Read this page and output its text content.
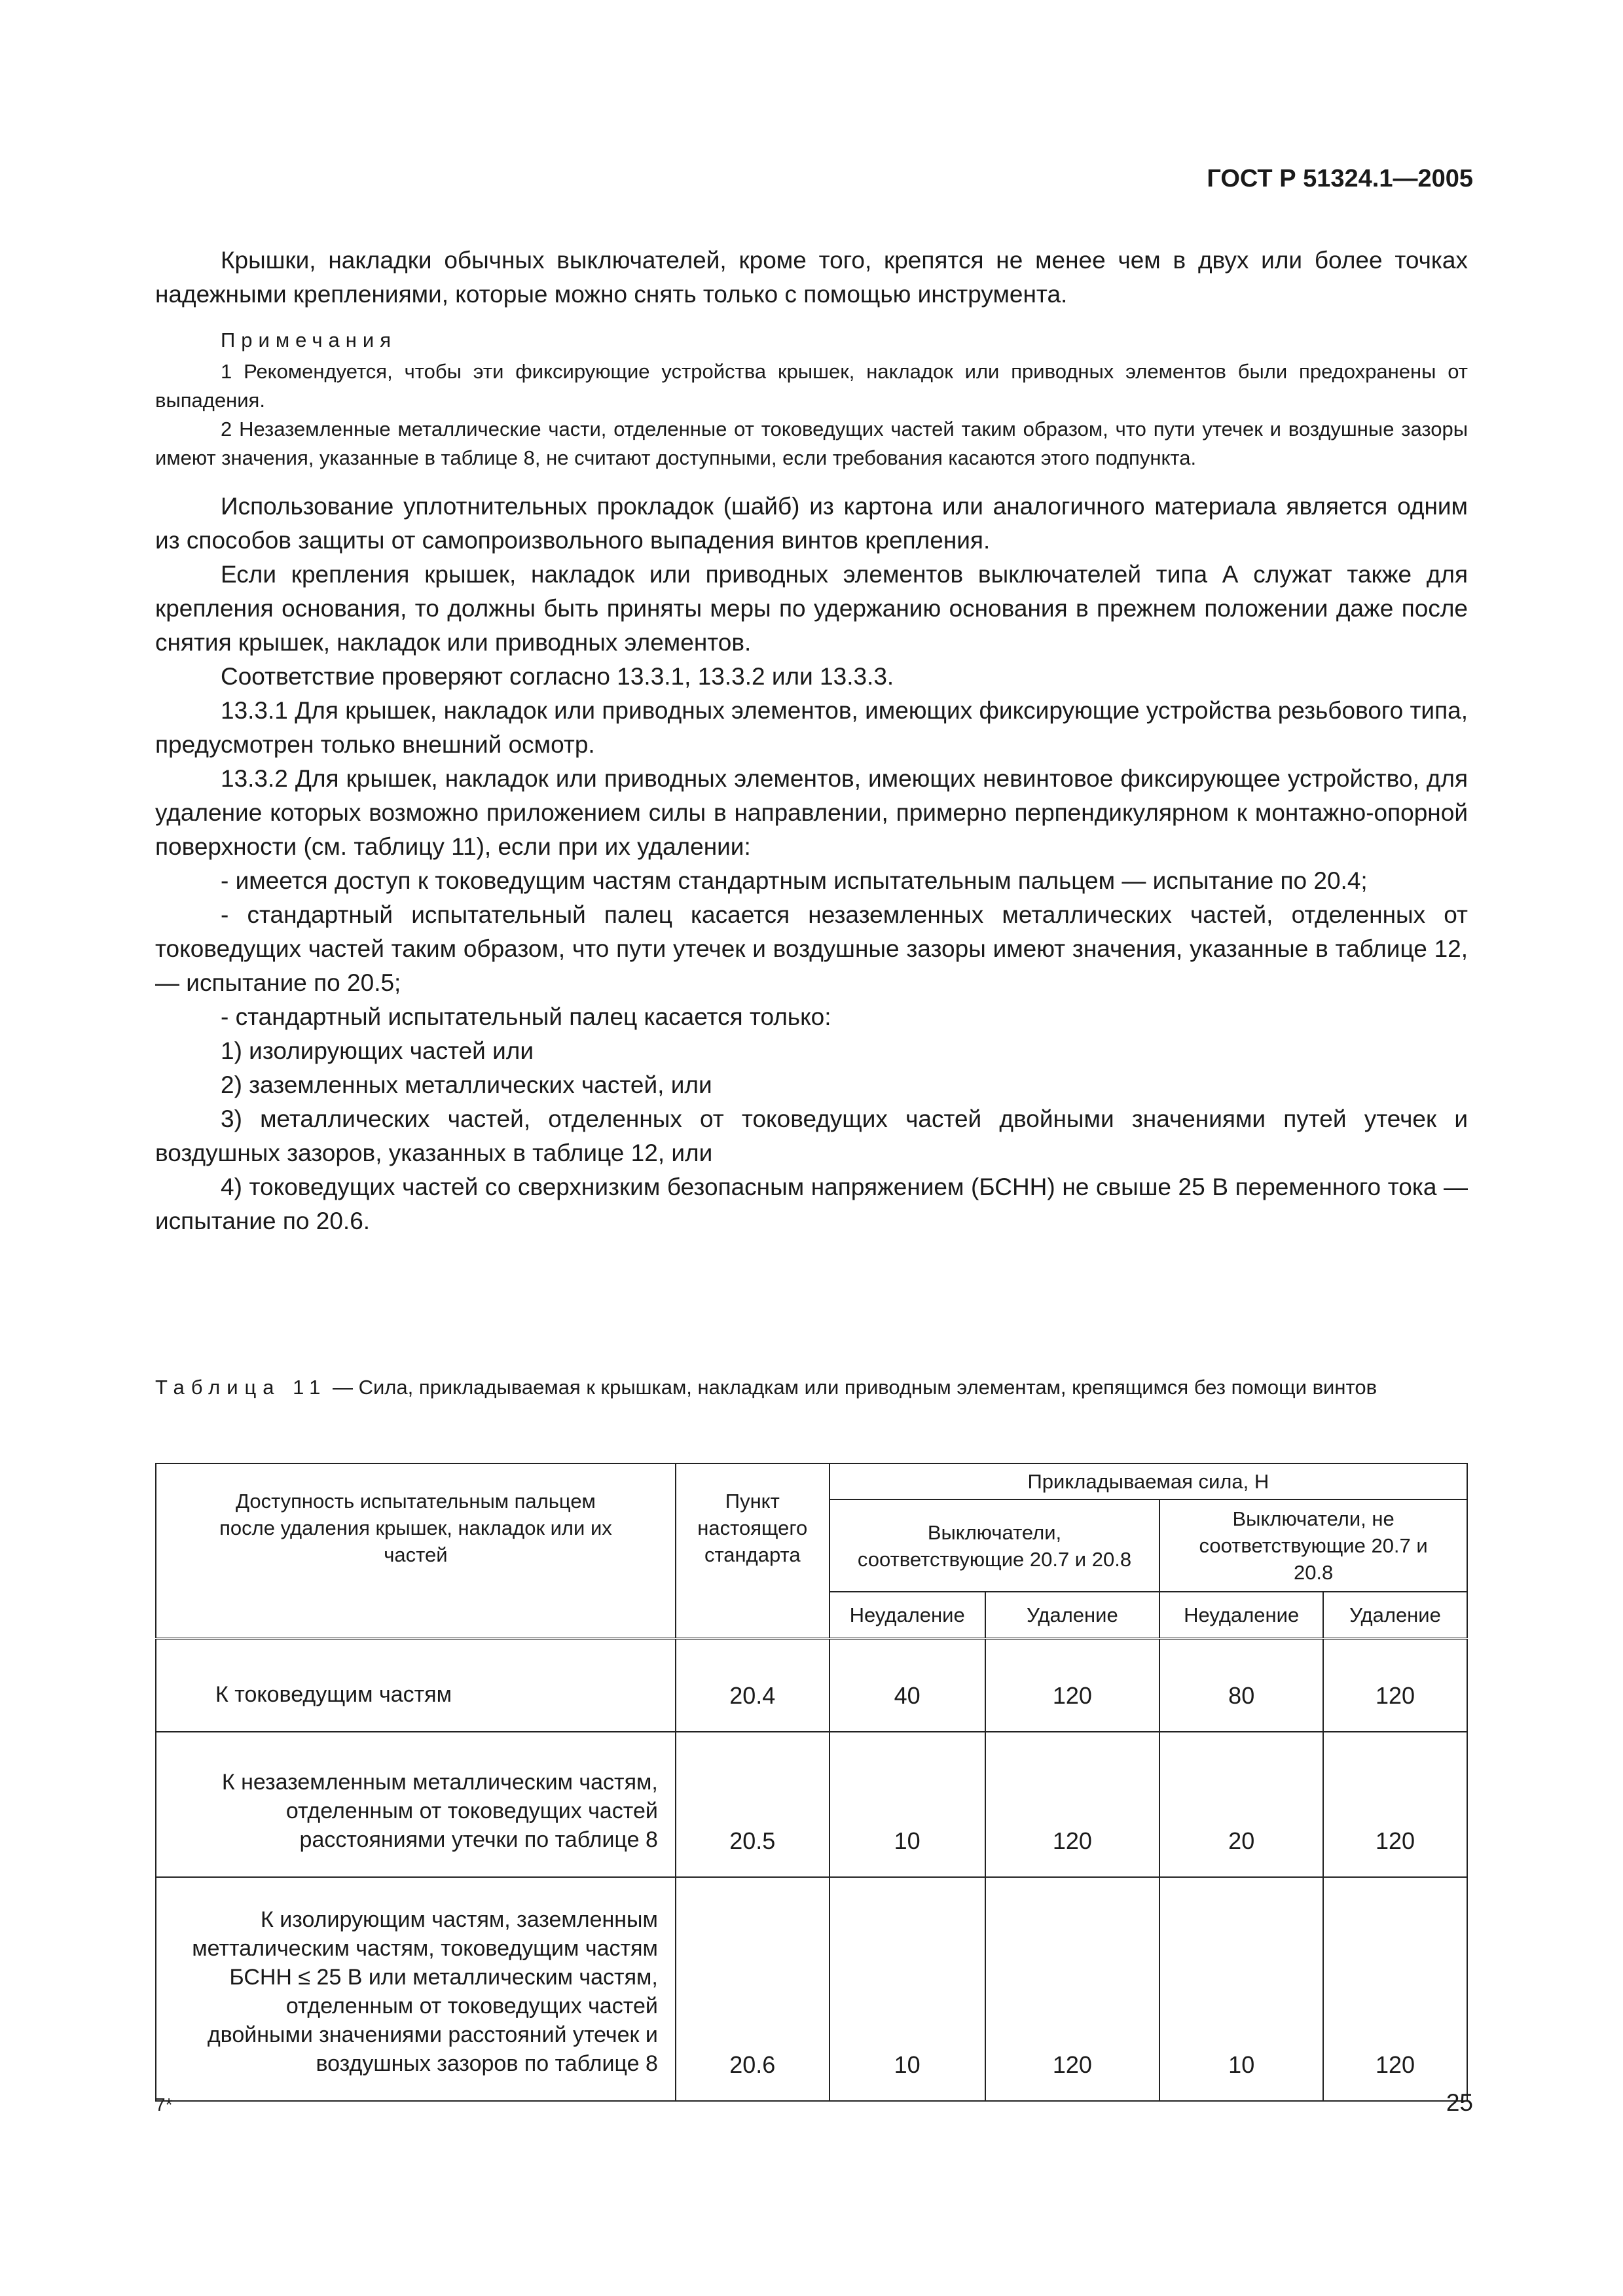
ГОСТ Р 51324.1—2005

Крышки, накладки обычных выключателей, кроме того, крепятся не менее чем в двух или более точках надежными креплениями, которые можно снять только с помощью инструмента.

Примечания

1 Рекомендуется, чтобы эти фиксирующие устройства крышек, накладок или приводных элементов были предохранены от выпадения.

2 Незаземленные металлические части, отделенные от токоведущих частей таким образом, что пути утечек и воздушные зазоры имеют значения, указанные в таблице 8, не считают доступными, если требования касаются этого подпункта.

Использование уплотнительных прокладок (шайб) из картона или аналогичного материала является одним из способов защиты от самопроизвольного выпадения винтов крепления.

Если крепления крышек, накладок или приводных элементов выключателей типа А служат также для крепления основания, то должны быть приняты меры по удержанию основания в прежнем положении даже после снятия крышек, накладок или приводных элементов.

Соответствие проверяют согласно 13.3.1, 13.3.2 или 13.3.3.

13.3.1 Для крышек, накладок или приводных элементов, имеющих фиксирующие устройства резьбового типа, предусмотрен только внешний осмотр.

13.3.2 Для крышек, накладок или приводных элементов, имеющих невинтовое фиксирующее устройство, для удаление которых возможно приложением силы в направлении, примерно перпендикулярном к монтажно-опорной поверхности (см. таблицу 11), если при их удалении:

- имеется доступ к токоведущим частям стандартным испытательным пальцем — испытание по 20.4;

- стандартный испытательный палец касается незаземленных металлических частей, отделенных от токоведущих частей таким образом, что пути утечек и воздушные зазоры имеют значения, указанные в таблице 12, — испытание по 20.5;

- стандартный испытательный палец касается только:

1) изолирующих частей или

2) заземленных металлических частей, или

3) металлических частей, отделенных от токоведущих частей двойными значениями путей утечек и воздушных зазоров, указанных в таблице 12, или

4) токоведущих частей со сверхнизким безопасным напряжением (БСНН) не свыше 25 В переменного тока — испытание по 20.6.

Таблица 11 — Сила, прикладываемая к крышкам, накладкам или приводным элементам, крепящимся без помощи винтов
Доступность испытательным пальцем после удаления крышек, накладок или их частей	Пункт настоящего стандарта	Прикладываемая сила, Н			
		Выключатели, соответствующие 20.7 и 20.8		Выключатели, не соответствующие 20.7 и 20.8	
		Неудаление	Удаление	Неудаление	Удаление
К токоведущим частям	20.4	40	120	80	120
К незаземленным металлическим частям, отделенным от токоведущих частей расстояниями утечки по таблице 8	20.5	10	120	20	120
К изолирующим частям, заземленным метталическим частям, токоведущим частям БСНН ≤ 25 В или металлическим частям, отделенным от токоведущих частей двойными значениями расстояний утечек и воздушных зазоров по таблице 8	20.6	10	120	10	120
7*	25
